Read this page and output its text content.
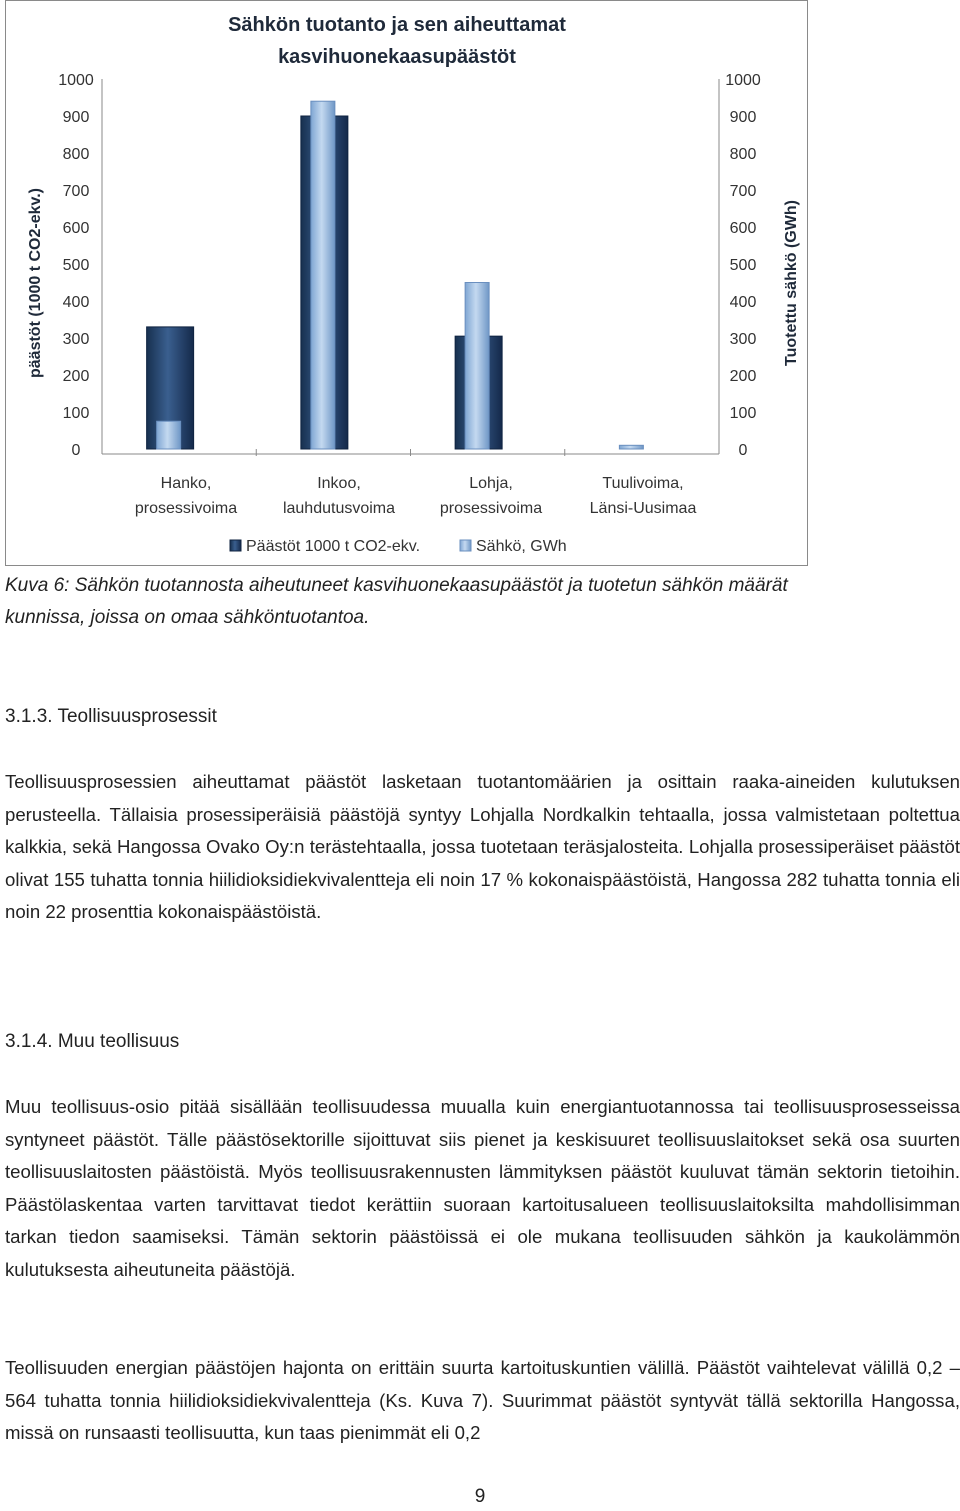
Sähkön tuotanto ja sen aiheuttamat
kasvihuonekaasupäästöt
päästöt (1000 t CO2-ekv.)	Tuotettu sähkö (GWh)
0
100
200
300
400
500
600
700
800
900
1000
0
100
200
300
400
500
600
700
800
900
1000
Hanko,
prosessivoima
Inkoo,
lauhdutusvoima
Lohja,
prosessivoima
Tuulivoima,
Länsi-Uusimaa
Päästöt 1000 t CO2-ekv.	Sähkö, GWh
Kuva 6: Sähkön tuotannosta aiheutuneet kasvihuonekaasupäästöt ja tuotetun sähkön määrät
kunnissa, joissa on omaa sähköntuotantoa.
3.1.3. Teollisuusprosessit

Teollisuusprosessien aiheuttamat päästöt lasketaan tuotantomäärien ja osittain raaka-aineiden kulutuksen perusteella. Tällaisia prosessiperäisiä päästöjä syntyy Lohjalla Nordkalkin tehtaalla, jossa valmistetaan poltettua kalkkia, sekä Hangossa Ovako Oy:n terästehtaalla, jossa tuotetaan teräsjalosteita. Lohjalla prosessiperäiset päästöt olivat 155 tuhatta tonnia hiilidioksidiekvivalentteja eli noin 17 % kokonaispäästöistä, Hangossa 282 tuhatta tonnia eli noin 22 prosenttia kokonaispäästöistä.

3.1.4. Muu teollisuus

Muu teollisuus-osio pitää sisällään teollisuudessa muualla kuin energiantuotannossa tai teollisuusprosesseissa syntyneet päästöt. Tälle päästösektorille sijoittuvat siis pienet ja keskisuuret teollisuuslaitokset sekä osa suurten teollisuuslaitosten päästöistä. Myös teollisuusrakennusten lämmityksen päästöt kuuluvat tämän sektorin tietoihin. Päästölaskentaa varten tarvittavat tiedot kerättiin suoraan kartoitusalueen teollisuuslaitoksilta mahdollisimman tarkan tiedon saamiseksi. Tämän sektorin päästöissä ei ole mukana teollisuuden sähkön ja kaukolämmön kulutuksesta aiheutuneita päästöjä.

Teollisuuden energian päästöjen hajonta on erittäin suurta kartoituskuntien välillä. Päästöt vaihtelevat välillä 0,2 – 564 tuhatta tonnia hiilidioksidiekvivalentteja (Ks. Kuva 7). Suurimmat päästöt syntyvät tällä sektorilla Hangossa, missä on runsaasti teollisuutta, kun taas pienimmät eli 0,2

9
